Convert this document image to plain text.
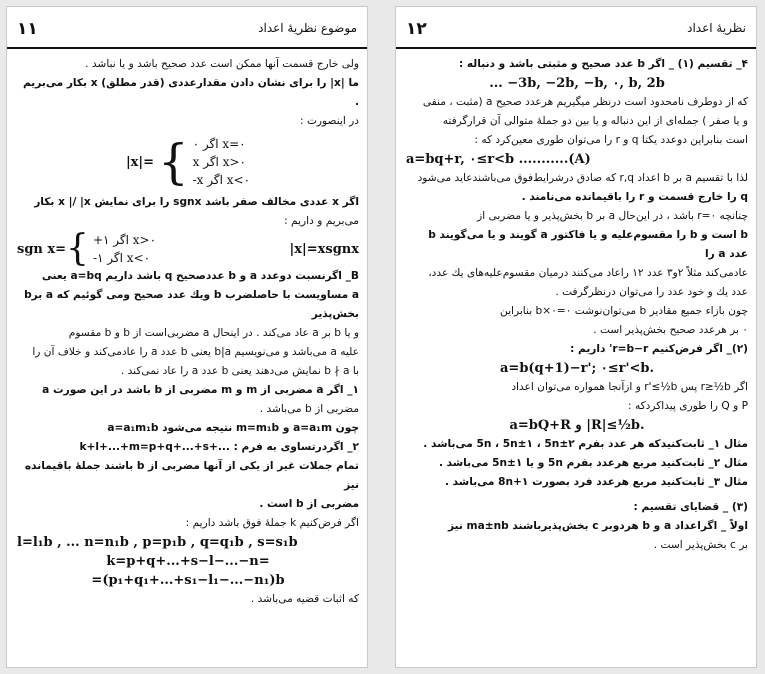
١١	موضوع نظریهٔ اعداد

ولی خارج قسمت آنها ممکن است عدد صحیح باشد و یا نباشد .

ما |x| را برای نشان دادن مقدارعددی (قدر مطلق) x بکار می‌بریم .

در اینصورت :

|x|= { x=۰ اگر ۰
x>۰ اگر x
x<۰ اگر x-

اگر x عددی مخالف صفر باشد sgnx را برای نمایش x |/ |x بکار

می‌بریم و داریم :

sgn x= { x>۰ اگر ۱+
x<۰ اگر ۱-
|x|=xsgnx

B_ اگرنسبت دوعدد a و b عددصحیح q باشد داریم a=bq یعنی

a مساویست با حاصلضرب b ویك عدد صحیح ومی گوئیم که a برb بخش‌پذیر

و یا b بر a عاد می‌کند . در اینحال a مضربی‌است از b و b مقسوم‌

علیه a می‌باشد و می‌نویسیم b|a یعنی b عدد a را عادمی‌کند و خلاف آن را

با b ∤ a نمایش می‌دهند یعنی b عدد a را عاد نمی‌کند .

۱_ اگر a مضربی از m و m مضربی از b باشد در این صورت a

مضربی از b می‌باشد .

چون a=a₁m و m=m₁b نتیجه می‌شود a=a₁m₁b

۲_ اگردرتساوی به فرم : ...+k+l+...+m=p+q+...+s

تمام جملات غیر از یکی از آنها مضربی از b باشند جملهٔ باقیمانده نیز

مضربی از b است .

اگر فرض‌کنیم k جملهٔ فوق باشد داریم :

l=l₁b , ... n=n₁b , p=p₁b , q=q₁b , s=s₁b

k=p+q+...+s−l−...−n=

=(p₁+q₁+...+s₁−l₁−...−n₁)b

که اثبات قضیه می‌باشد .

١٢	نظریهٔ اعداد

۴_ تقسیم (۱) _ اگر b عدد صحیح و مثبتی باشد و دنباله :

... −3b, −2b, −b, ۰, b, 2b

که از دوطرف نامحدود است درنظر میگیریم هرعدد صحیح a (مثبت ، منفی

و یا صفر ) جمله‌ای از این دنباله و یا بین دو جملهٔ متوالی آن قرارگرفته

است بنابراین دوعدد یکتا q و r را می‌توان طوری معین‌کرد که :

a=bq+r, ۰≤r<b ...........(A)

لذا با تقسیم a بر b اعداد r,q که صادق درشرایط‌فوق می‌باشندعاید می‌شود

q را خارج قسمت و r را باقیمانده می‌نامند .

چنانچه r=۰ باشد ، در این‌حال a بر b بخش‌پذیر و یا مضربی از

b است و b را مقسوم‌علیه و یا فاکتور a گویند و یا می‌گویند b عدد a را

عادمی‌کند مثلاً ۲و۳ عدد ۱۲ راعاد می‌کنند درمیان مقسوم‌علیه‌های یك عدد،

عدد یك و خود عدد را می‌توان درنظرگرفت .

چون بازاء جمیع مقادیر b می‌توان‌نوشت b×۰=۰ بنابراین

۰ بر هرعدد صحیح بخش‌پذیر است .

(۲)_ اگر فرض‌کنیم r=b−r' داریم :

a=b(q+1)−r'; ۰≤r'<b.

اگر r≥½b پس r'≤½b و ازآنجا همواره می‌توان اعداد

P و Q را طوری پیداکردکه :

a=bQ+R و |R|≤½b.

مثال ۱_ ثابت‌کنیدکه هر عدد بفرم 5n ، 5n±۱ ، 5n±۲ می‌باشد .

مثال ۲_ ثابت‌کنید مربع هرعدد بفرم 5n و یا 5n±۱ می‌باشد .

مثال ۳_ ثابت‌کنید مربع هرعدد فرد بصورت 8n+۱ می‌باشد .

(۳) _ قضایای تقسیم :

اولاً _ اگراعداد a و b هردوبر c بخش‌پذیرباشند ma±nb نیز

بر c بخش‌پذیر است .
